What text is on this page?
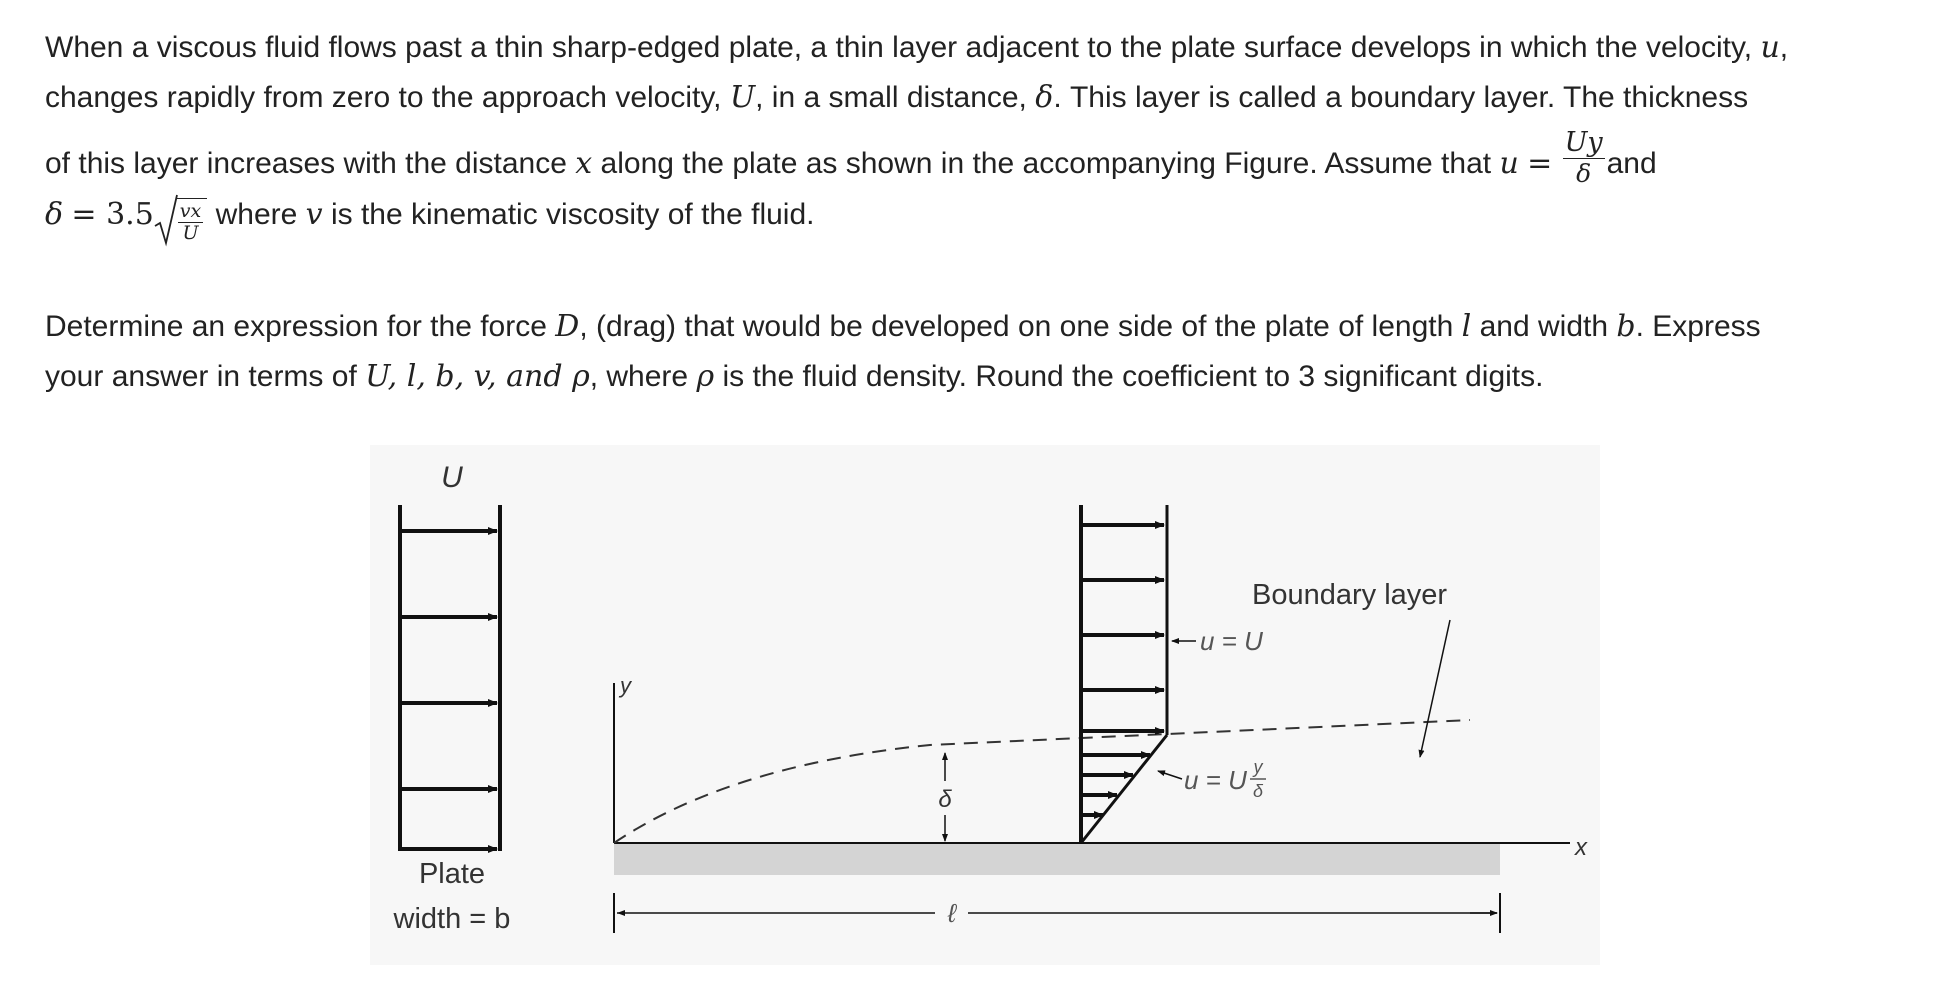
When a viscous fluid flows past a thin sharp-edged plate, a thin layer adjacent to the plate surface develops in which the velocity, u,
changes rapidly from zero to the approach velocity, U, in a small distance, δ. This layer is called a boundary layer. The thickness
of this layer increases with the distance x along the plate as shown in the accompanying Figure. Assume that $u = \frac{Uy}{\delta}$ and
$\delta = 3.5 \frac{vx}{U}$ where v is the kinematic viscosity of the fluid.
Determine an expression for the force D, (drag) that would be developed on one side of the plate of length l and width b. Express
your answer in terms of U, l, b, v, and ρ, where ρ is the fluid density. Round the coefficient to 3 significant digits.
U
x
y
δ
u = U
u = U y
δ
Boundary layer
ℓ
Plate
width = b
